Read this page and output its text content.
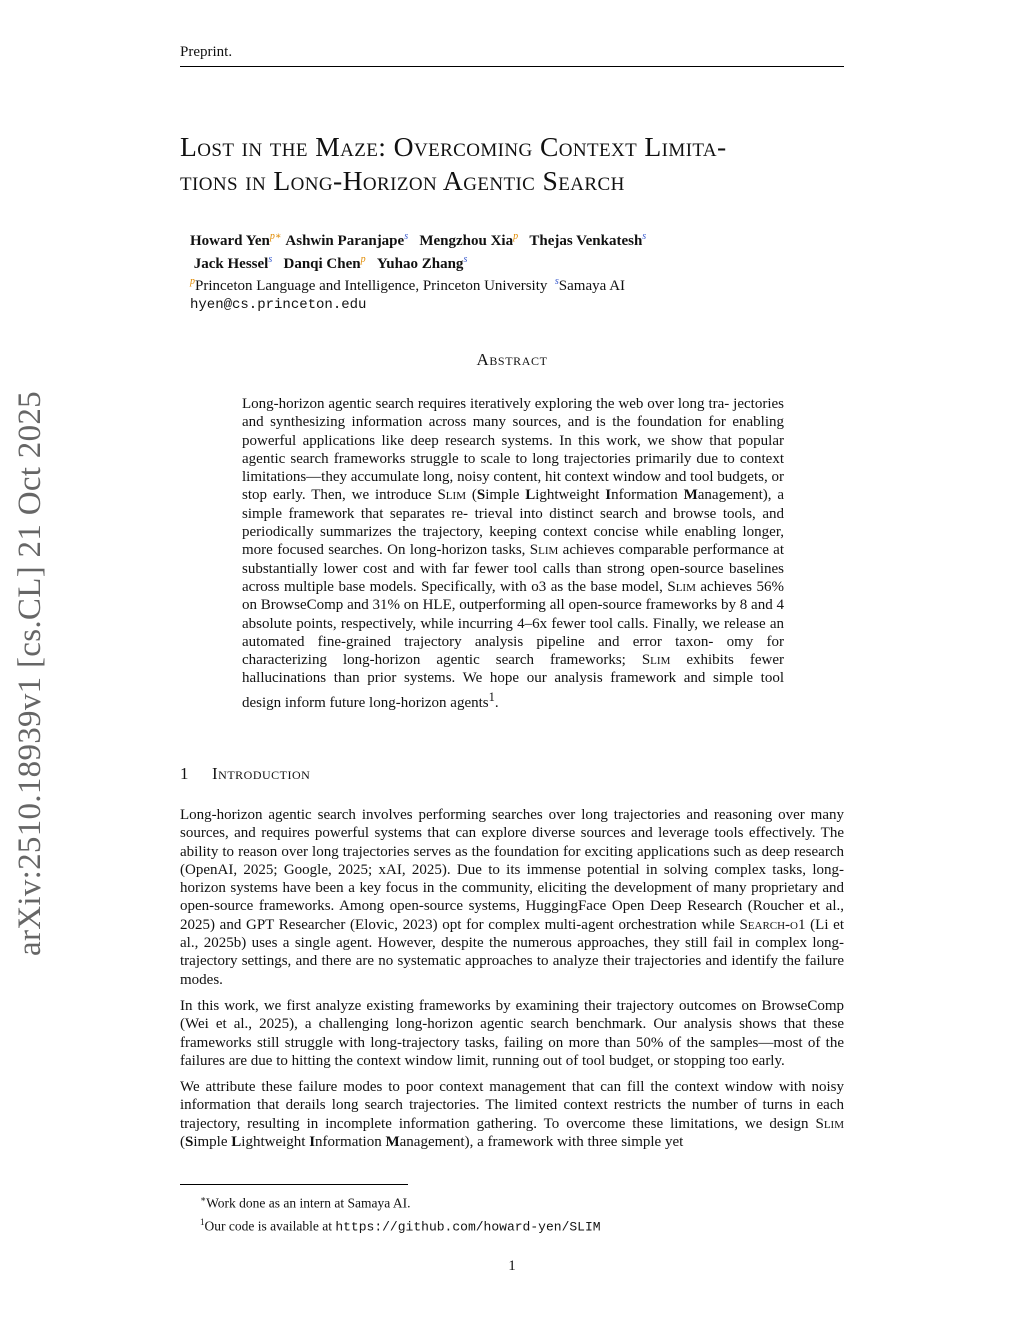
Preprint.
arXiv:2510.18939v1 [cs.CL] 21 Oct 2025
Lost in the Maze: Overcoming Context Limita-
tions in Long-Horizon Agentic Search
Howard Yen$^{p∗}$ Ashwin Paranjape$^s$ Mengzhou Xia$^p$ Thejas Venkatesh$^s$
Jack Hessel$^s$ Danqi Chen$^p$ Yuhao Zhang$^s$
$^p$Princeton Language and Intelligence, Princeton University $^s$Samaya AI
hyen@cs.princeton.edu
Abstract
Long-horizon agentic search requires iteratively exploring the web over long tra- jectories and synthesizing information across many sources, and is the foundation for enabling powerful applications like deep research systems. In this work, we show that popular agentic search frameworks struggle to scale to long trajectories primarily due to context limitations—they accumulate long, noisy content, hit context window and tool budgets, or stop early. Then, we introduce Slim (Simple Lightweight Information Management), a simple framework that separates re- trieval into distinct search and browse tools, and periodically summarizes the trajectory, keeping context concise while enabling longer, more focused searches. On long-horizon tasks, Slim achieves comparable performance at substantially lower cost and with far fewer tool calls than strong open-source baselines across multiple base models. Specifically, with o3 as the base model, Slim achieves 56% on BrowseComp and 31% on HLE, outperforming all open-source frameworks by 8 and 4 absolute points, respectively, while incurring 4–6x fewer tool calls. Finally, we release an automated fine-grained trajectory analysis pipeline and error taxon- omy for characterizing long-horizon agentic search frameworks; Slim exhibits fewer hallucinations than prior systems. We hope our analysis framework and simple tool design inform future long-horizon agents$^1$.
1 Introduction

Long-horizon agentic search involves performing searches over long trajectories and reasoning over many sources, and requires powerful systems that can explore diverse sources and leverage tools effectively. The ability to reason over long trajectories serves as the foundation for exciting applications such as deep research (OpenAI, 2025; Google, 2025; xAI, 2025). Due to its immense potential in solving complex tasks, long-horizon systems have been a key focus in the community, eliciting the development of many proprietary and open-source frameworks. Among open-source systems, HuggingFace Open Deep Research (Roucher et al., 2025) and GPT Researcher (Elovic, 2023) opt for complex multi-agent orchestration while Search-o1 (Li et al., 2025b) uses a single agent. However, despite the numerous approaches, they still fail in complex long-trajectory settings, and there are no systematic approaches to analyze their trajectories and identify the failure modes.

In this work, we first analyze existing frameworks by examining their trajectory outcomes on BrowseComp (Wei et al., 2025), a challenging long-horizon agentic search benchmark. Our analysis shows that these frameworks still struggle with long-trajectory tasks, failing on more than 50% of the samples—most of the failures are due to hitting the context window limit, running out of tool budget, or stopping too early.

We attribute these failure modes to poor context management that can fill the context window with noisy information that derails long search trajectories. The limited context restricts the number of turns in each trajectory, resulting in incomplete information gathering. To overcome these limitations, we design Slim (Simple Lightweight Information Management), a framework with three simple yet

∗Work done as an intern at Samaya AI.
$^1$Our code is available at https://github.com/howard-yen/SLIM
1
